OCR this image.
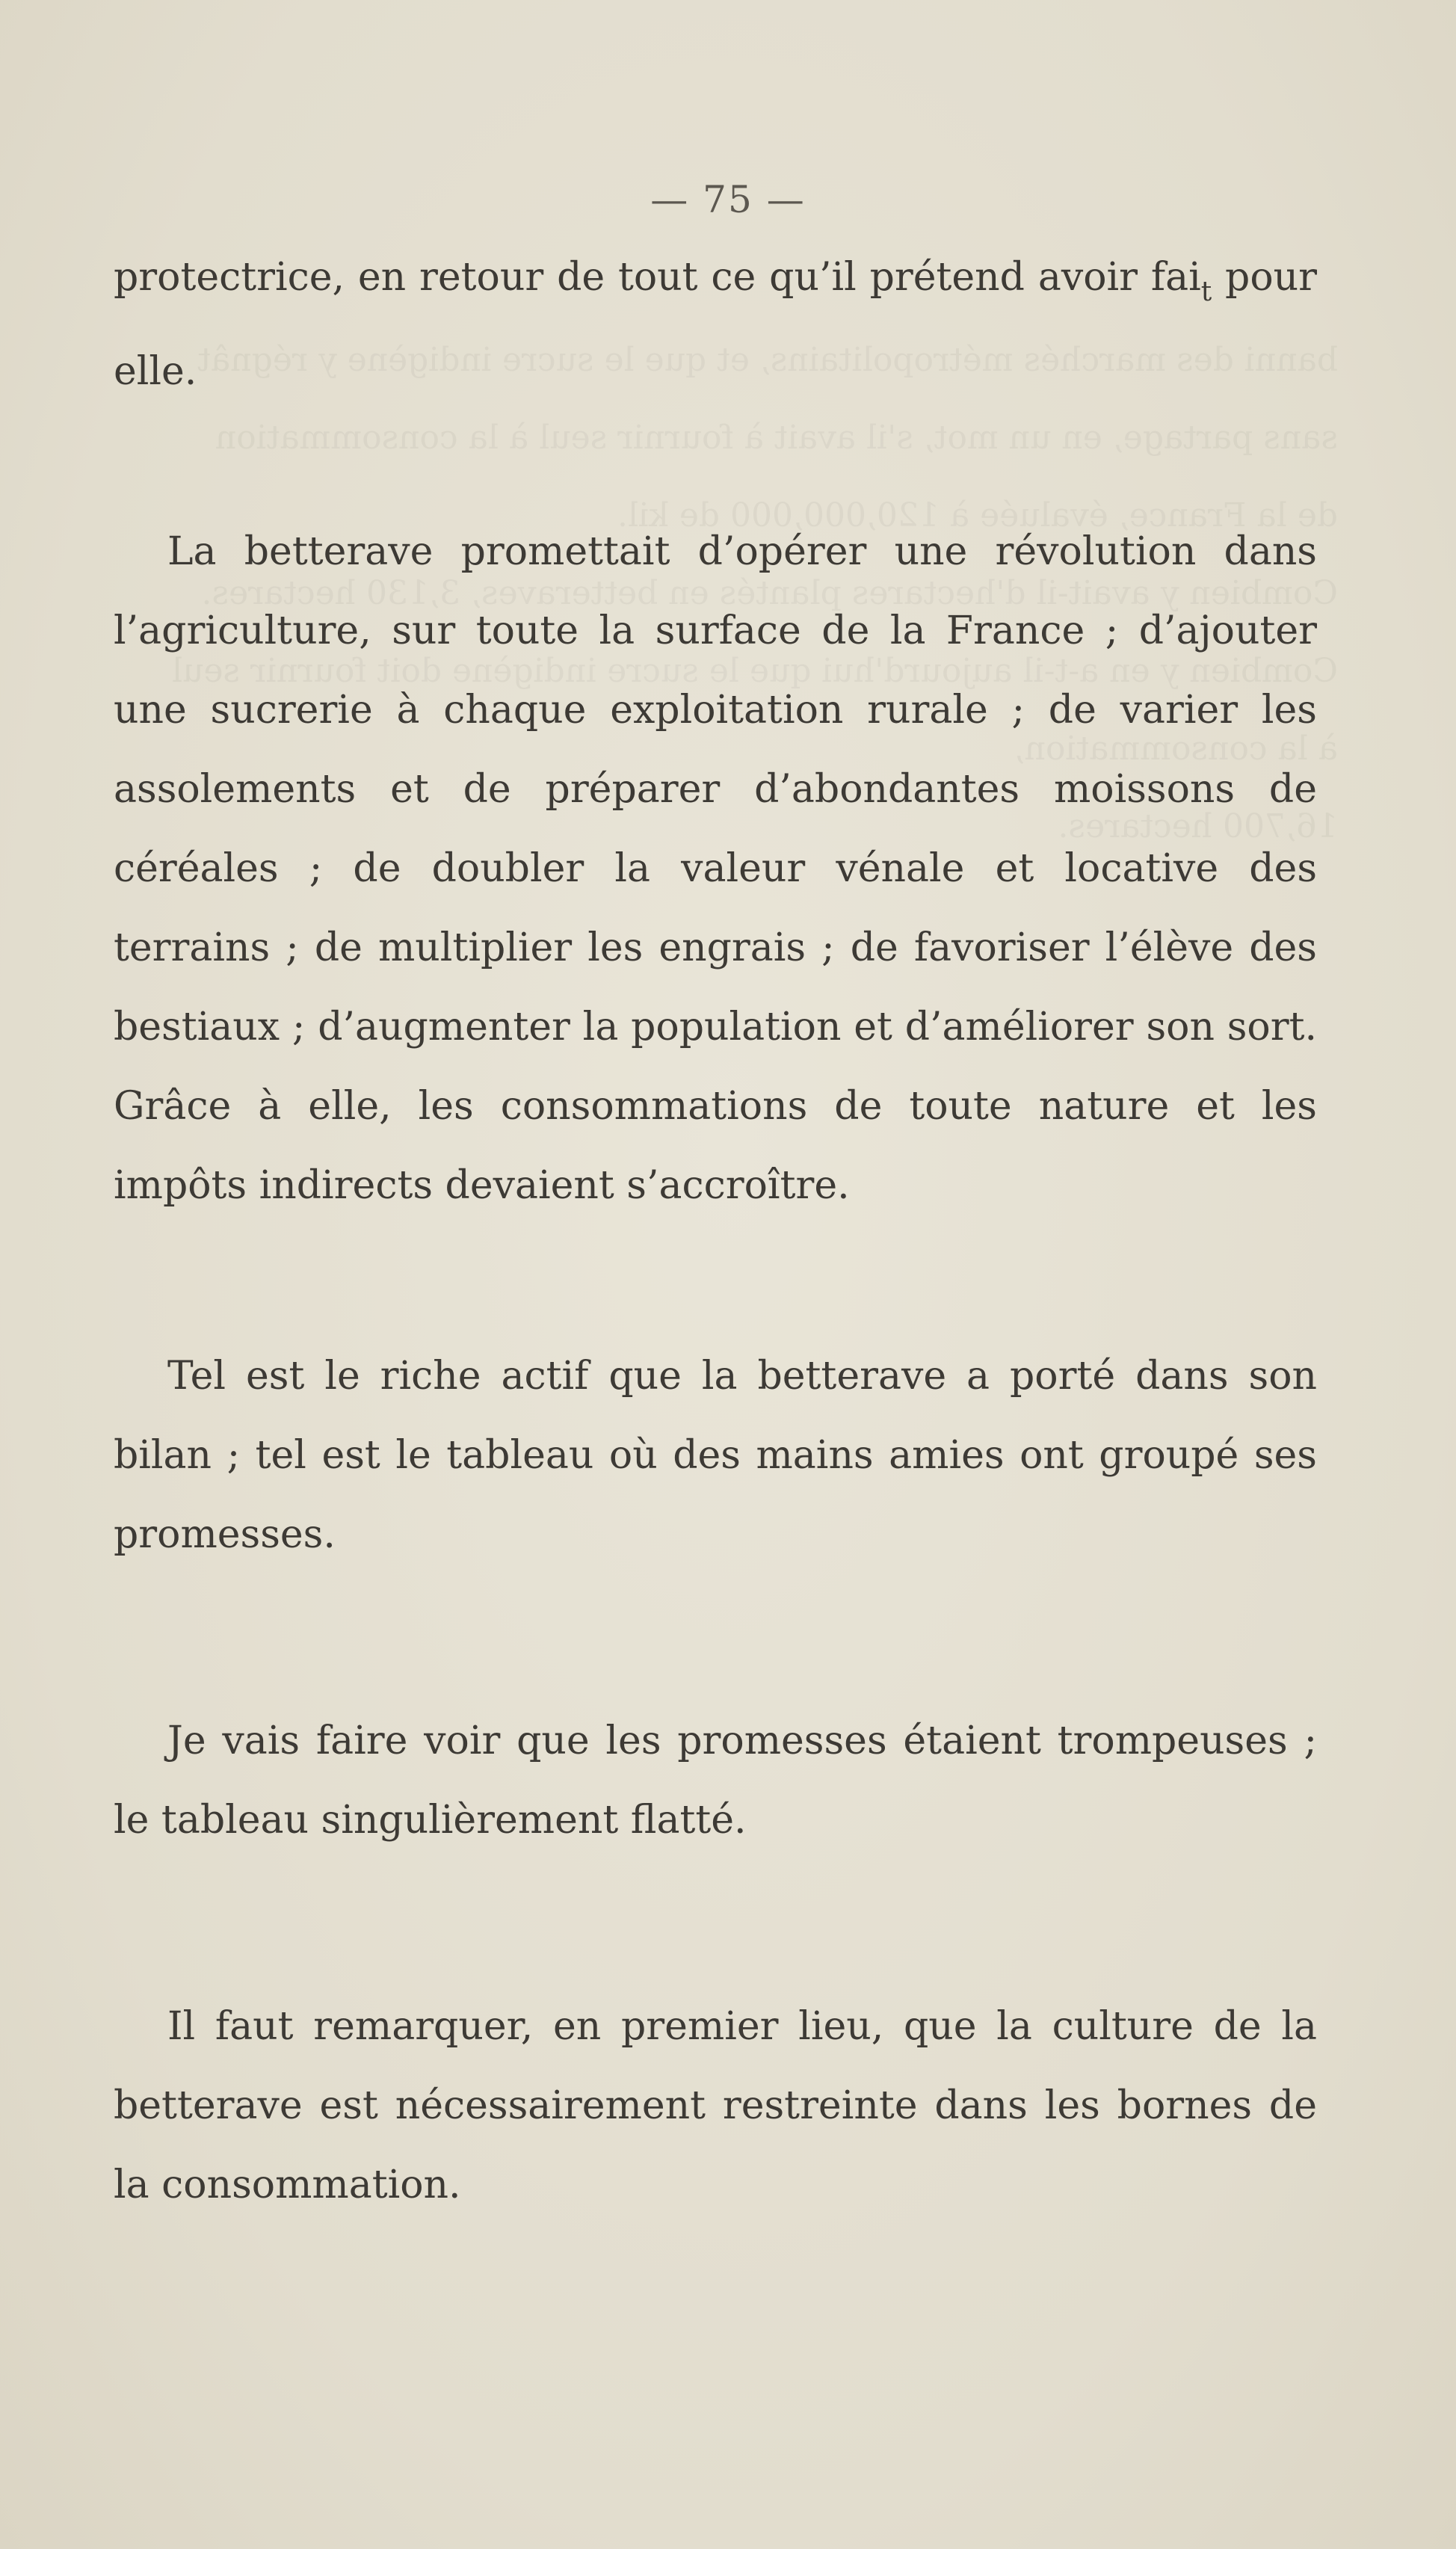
banni des marchés métropolitains, et que le sucre indigène y régnât sans partage, en un mot, s'il avait à fournir seul à la consommation de la France, évaluée à 120,000,000 de kil.
Combien y avait-il d'hectares plantés en betteraves, 3,130 hectares.
Combien y en a-t-il aujourd'hui que le sucre indigène doit fournir seul à la consommation,
16,700 hectares.
— 75 —

protectrice, en retour de tout ce qu’il prétend avoir fai$_t$ pour elle.

La betterave promettait d’opérer une révolution dans l’agriculture, sur toute la surface de la France ; d’ajouter une sucrerie à chaque exploitation rurale ; de varier les assolements et de préparer d’abondantes moissons de céréales ; de doubler la valeur vénale et locative des terrains ; de multiplier les engrais ; de favoriser l’élève des bestiaux ; d’augmenter la population et d’améliorer son sort. Grâce à elle, les consommations de toute nature et les impôts indirects devaient s’accroître.

Tel est le riche actif que la betterave a porté dans son bilan ; tel est le tableau où des mains amies ont groupé ses promesses.

Je vais faire voir que les promesses étaient trompeuses ; le tableau singulièrement flatté.

Il faut remarquer, en premier lieu, que la culture de la betterave est nécessairement restreinte dans les bornes de la consommation.
